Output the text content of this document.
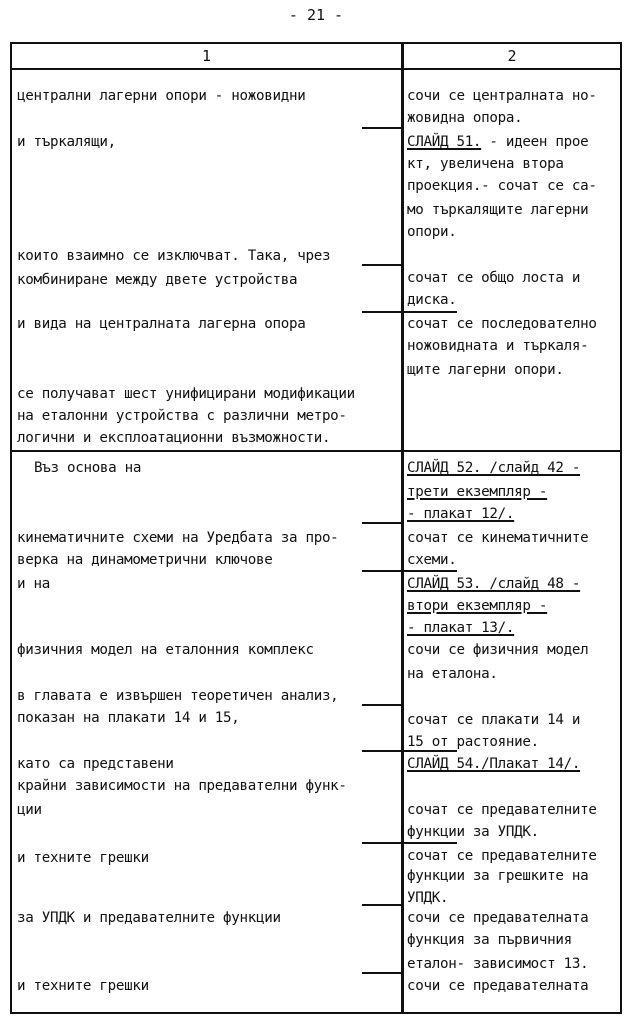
- 21 -
1	2
централни лагерни опори - ножовидни
и търкалящи,
които взаимно се изключват. Така, чрез
комбиниране между двете устройства
и вида на централната лагерна опора
се получават шест унифицирани модификации
на еталонни устройства с различни метро-
логични и експлоатационни възможности.
Въз основа на
кинематичните схеми на Уредбата за про-
верка на динамометрични ключове
и на
физичния модел на еталонния комплекс
в главата е извършен теоретичен анализ,
показан на плакати 14 и 15,
като са представени
крайни зависимости на предавателни функ-
ции
и техните грешки
за УПДК и предавателните функции
и техните грешки
сочи се централната но-
жовидна опора.
СЛАЙД 51. - идеен проe
кт, увеличена втора
проекция.- сочат се са-
мо търкалящите лагерни
опори.
сочат се общо лоста и
диска.
сочат се последователно
ножовидната и търкаля-
щите лагерни опори.
СЛАЙД 52. /слайд 42 -
трети екземпляр -
- плакат 12/.
сочат се кинематичните
схеми.
СЛАЙД 53. /слайд 48 -
втори екземпляр -
- плакат 13/.
сочи се физичния модел
на еталона.
сочат се плакати 14 и
15 от растояние.
СЛАЙД 54./Плакат 14/.
сочат се предавателните
функции за УПДК.
сочат се предавателните
функции за грешките на
УПДК.
сочи се предавателната
функция за първичния
еталон- зависимост 13.
сочи се предавателната
